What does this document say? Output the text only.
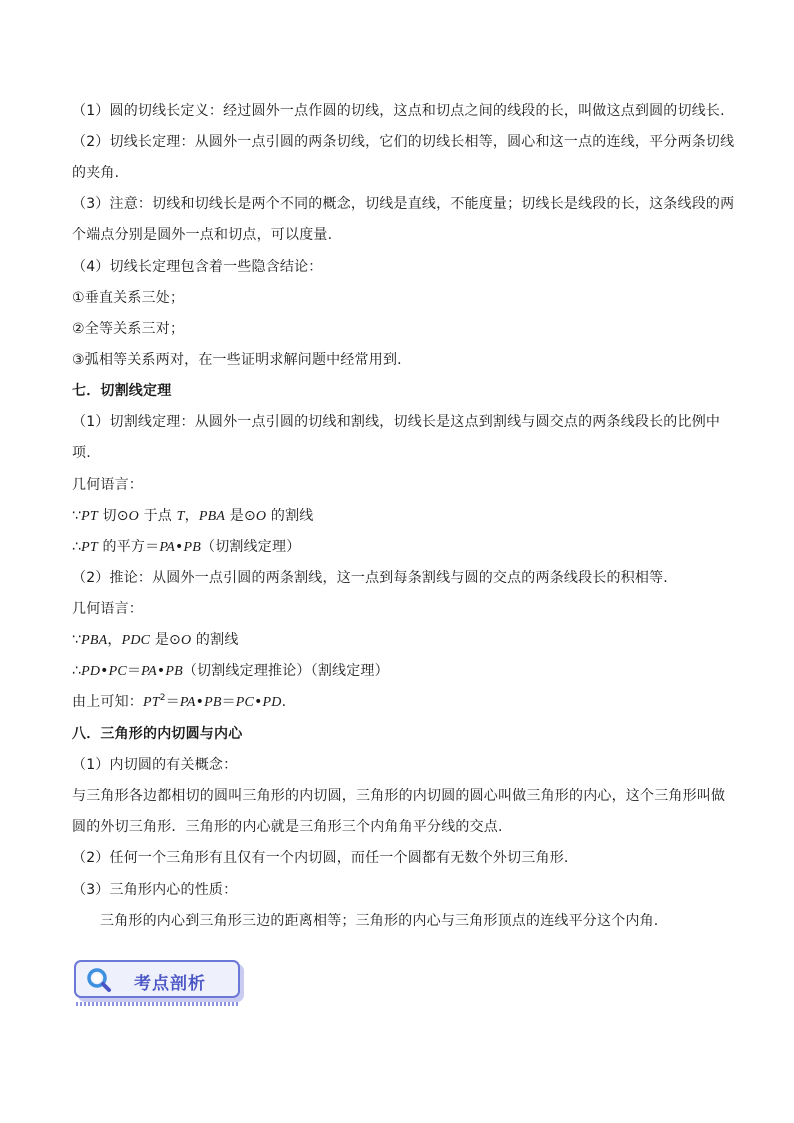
（1）圆的切线长定义：经过圆外一点作圆的切线，这点和切点之间的线段的长，叫做这点到圆的切线长.
（2）切线长定理：从圆外一点引圆的两条切线，它们的切线长相等，圆心和这一点的连线，平分两条切线
的夹角.
（3）注意：切线和切线长是两个不同的概念，切线是直线，不能度量；切线长是线段的长，这条线段的两
个端点分别是圆外一点和切点，可以度量.
（4）切线长定理包含着一些隐含结论：
①垂直关系三处；
②全等关系三对；
③弧相等关系两对，在一些证明求解问题中经常用到.
七．切割线定理
（1）切割线定理：从圆外一点引圆的切线和割线，切线长是这点到割线与圆交点的两条线段长的比例中
项.
几何语言：
∵PT 切⊙O 于点 T，PBA 是⊙O 的割线
∴PT 的平方＝PA•PB（切割线定理）
（2）推论：从圆外一点引圆的两条割线，这一点到每条割线与圆的交点的两条线段长的积相等.
几何语言：
∵PBA，PDC 是⊙O 的割线
∴PD•PC＝PA•PB（切割线定理推论）（割线定理）
由上可知：$PT^2=PA•PB=PC•PD$.
八．三角形的内切圆与内心
（1）内切圆的有关概念：
与三角形各边都相切的圆叫三角形的内切圆，三角形的内切圆的圆心叫做三角形的内心，这个三角形叫做
圆的外切三角形．三角形的内心就是三角形三个内角角平分线的交点.
（2）任何一个三角形有且仅有一个内切圆，而任一个圆都有无数个外切三角形.
（3）三角形内心的性质：
三角形的内心到三角形三边的距离相等；三角形的内心与三角形顶点的连线平分这个内角.
考点剖析
